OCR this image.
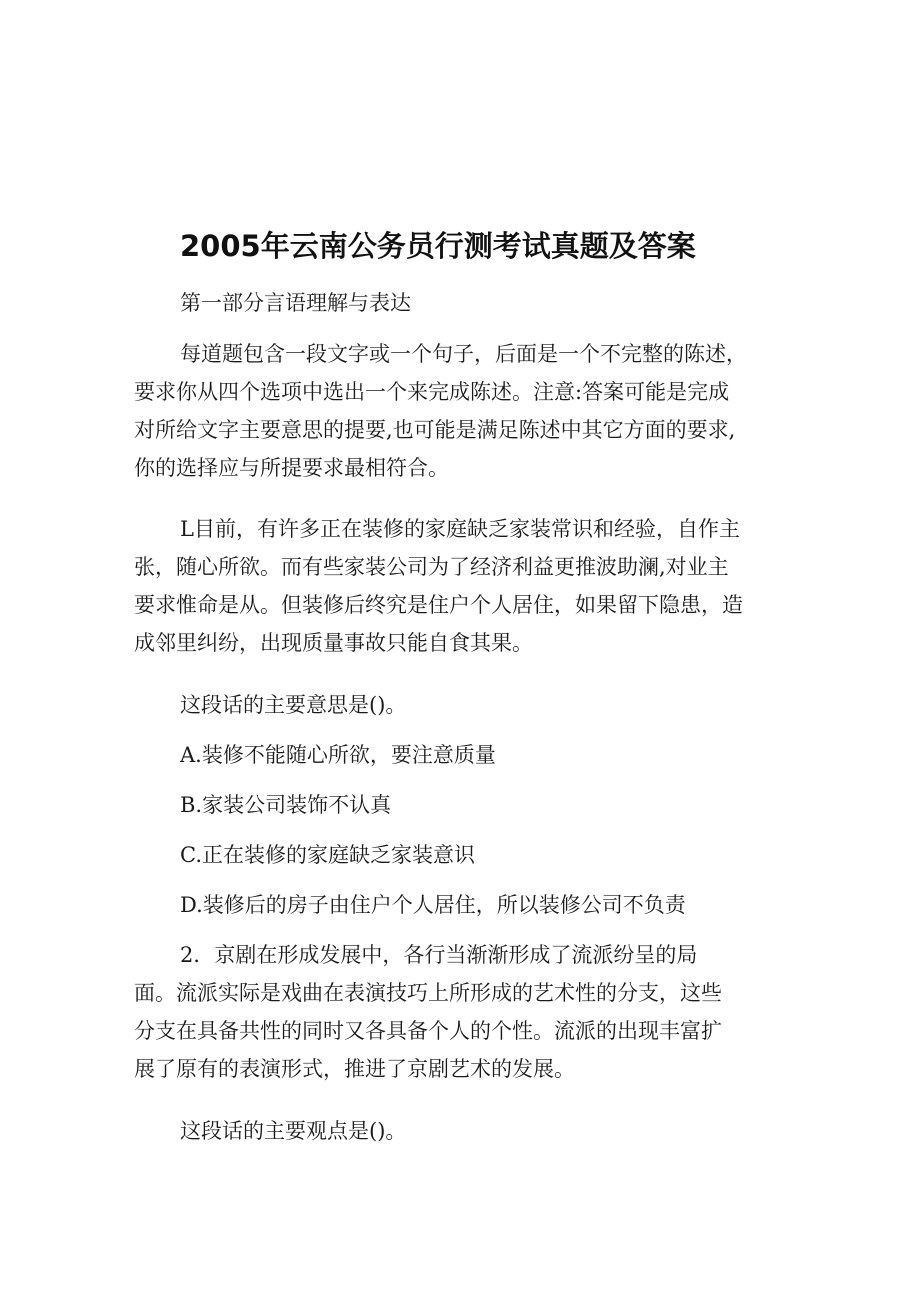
2005年云南公务员行测考试真题及答案
第一部分言语理解与表达
每道题包含一段文字或一个句子，后面是一个不完整的陈述，
要求你从四个选项中选出一个来完成陈述。注意:答案可能是完成
对所给文字主要意思的提要,也可能是满足陈述中其它方面的要求,
你的选择应与所提要求最相符合。
L目前，有许多正在装修的家庭缺乏家装常识和经验，自作主
张，随心所欲。而有些家装公司为了经济利益更推波助澜,对业主
要求惟命是从。但装修后终究是住户个人居住，如果留下隐患，造
成邻里纠纷，出现质量事故只能自食其果。
这段话的主要意思是()。
A.装修不能随心所欲，要注意质量
B.家装公司装饰不认真
C.正在装修的家庭缺乏家装意识
D.装修后的房子由住户个人居住，所以装修公司不负责
2．京剧在形成发展中，各行当渐渐形成了流派纷呈的局
面。流派实际是戏曲在表演技巧上所形成的艺术性的分支，这些
分支在具备共性的同时又各具备个人的个性。流派的出现丰富扩
展了原有的表演形式，推进了京剧艺术的发展。
这段话的主要观点是()。
